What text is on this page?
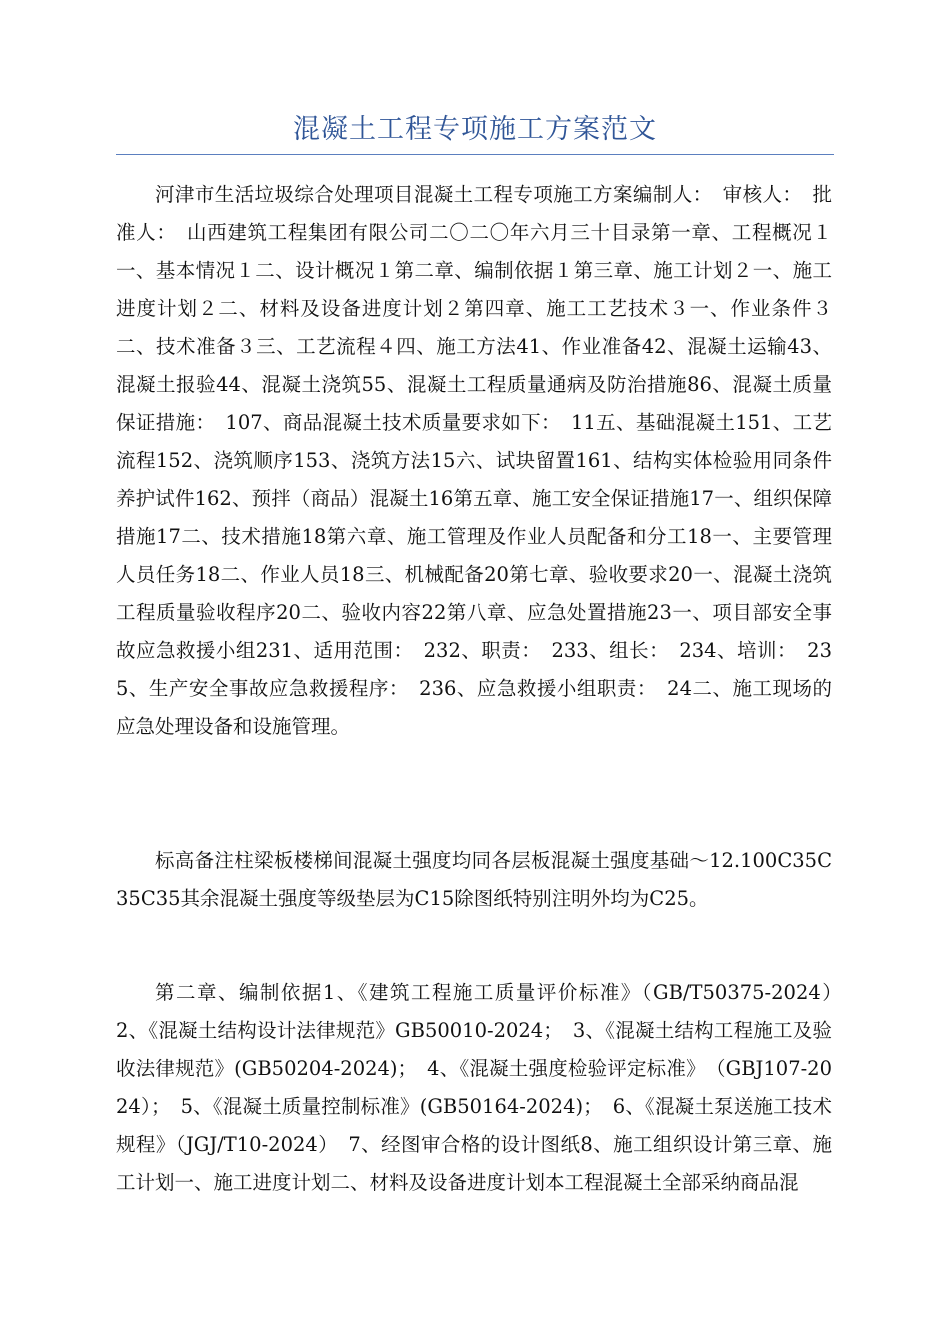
混凝土工程专项施工方案范文

河津市生活垃圾综合处理项目混凝土工程专项施工方案编制人：　审核人：　批准人：　山西建筑工程集团有限公司二〇二〇年六月三十目录第一章、工程概况１一、基本情况１二、设计概况１第二章、编制依据１第三章、施工计划２一、施工进度计划２二、材料及设备进度计划２第四章、施工工艺技术３一、作业条件３二、技术准备３三、工艺流程４四、施工方法41、作业准备42、混凝土运输43、混凝土报验44、混凝土浇筑55、混凝土工程质量通病及防治措施86、混凝土质量保证措施：　107、商品混凝土技术质量要求如下：　11五、基础混凝土151、工艺流程152、浇筑顺序153、浇筑方法15六、试块留置161、结构实体检验用同条件养护试件162、预拌（商品）混凝土16第五章、施工安全保证措施17一、组织保障措施17二、技术措施18第六章、施工管理及作业人员配备和分工18一、主要管理人员任务18二、作业人员18三、机械配备20第七章、验收要求20一、混凝土浇筑工程质量验收程序20二、验收内容22第八章、应急处置措施23一、项目部安全事故应急救援小组231、适用范围：　232、职责：　233、组长：　234、培训：　235、生产安全事故应急救援程序：　236、应急救援小组职责：　24二、施工现场的应急处理设备和设施管理。

标高备注柱梁板楼梯间混凝土强度均同各层板混凝土强度基础～12.100C35C35C35其余混凝土强度等级垫层为C15除图纸特别注明外均为C25。

第二章、编制依据1、《建筑工程施工质量评价标准》（GB/T50375-2024）　2、《混凝土结构设计法律规范》GB50010-2024；　3、《混凝土结构工程施工及验收法律规范》(GB50204-2024)；　4、《混凝土强度检验评定标准》　（GBJ107-2024）；　5、《混凝土质量控制标准》(GB50164-2024)；　6、《混凝土泵送施工技术规程》（JGJ/T10-2024）　7、经图审合格的设计图纸8、施工组织设计第三章、施工计划一、施工进度计划二、材料及设备进度计划本工程混凝土全部采纳商品混
